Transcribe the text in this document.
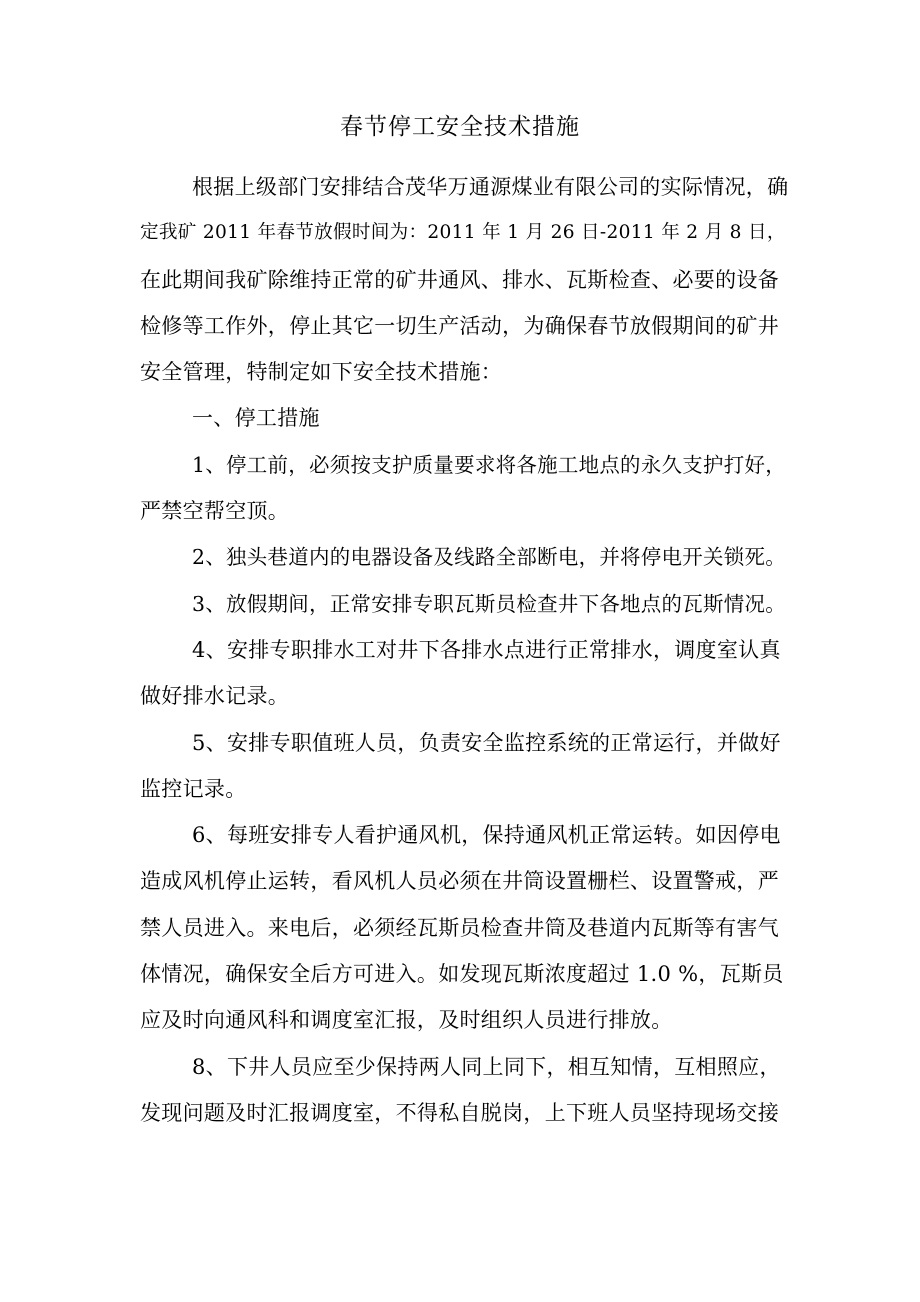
春节停工安全技术措施
根据上级部门安排结合茂华万通源煤业有限公司的实际情况，确
定我矿 2011 年春节放假时间为：2011 年 1 月 26 日-2011 年 2 月 8 日，
在此期间我矿除维持正常的矿井通风、排水、瓦斯检查、必要的设备
检修等工作外，停止其它一切生产活动，为确保春节放假期间的矿井
安全管理，特制定如下安全技术措施：
一、停工措施
1、停工前，必须按支护质量要求将各施工地点的永久支护打好，
严禁空帮空顶。
2、独头巷道内的电器设备及线路全部断电，并将停电开关锁死。
3、放假期间，正常安排专职瓦斯员检查井下各地点的瓦斯情况。
4、安排专职排水工对井下各排水点进行正常排水，调度室认真
做好排水记录。
5、安排专职值班人员，负责安全监控系统的正常运行，并做好
监控记录。
6、每班安排专人看护通风机，保持通风机正常运转。如因停电
造成风机停止运转，看风机人员必须在井筒设置栅栏、设置警戒，严
禁人员进入。来电后，必须经瓦斯员检查井筒及巷道内瓦斯等有害气
体情况，确保安全后方可进入。如发现瓦斯浓度超过 1.0 %，瓦斯员
应及时向通风科和调度室汇报，及时组织人员进行排放。
8、下井人员应至少保持两人同上同下，相互知情，互相照应，
发现问题及时汇报调度室，不得私自脱岗，上下班人员坚持现场交接
